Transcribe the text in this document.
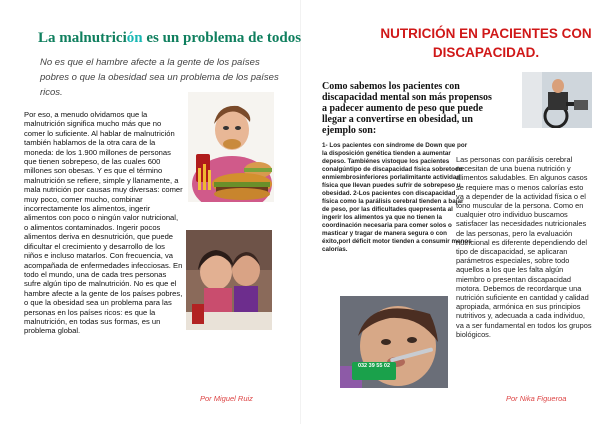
La malnutrición es un problema de todos
No es que el hambre afecte a la gente de los países pobres o que la obesidad sea un problema de los países ricos.
Por eso, a menudo olvidamos que la malnutrición significa mucho más que no comer lo suficiente. Al hablar de malnutrición también hablamos de la otra cara de la moneda: de los 1.900 millones de personas que tienen sobrepeso, de las cuales 600 millones son obesas. Y es que el término malnutrición se refiere, simple y llanamente, a mala nutrición por causas muy diversas: comer muy poco, comer mucho, combinar incorrectamente los alimentos, ingerir alimentos con poco o ningún valor nutricional, o alimentos contaminados. Ingerir pocos alimentos deriva en desnutrición, que puede dificultar el crecimiento y desarrollo de los niños e incluso matarlos. Con frecuencia, va acompañada de enfermedades infecciosas. En todo el mundo, una de cada tres personas sufre algún tipo de malnutrición. No es que el hambre afecte a la gente de los países pobres, o que la obesidad sea un problema para las personas en los países ricos: es que la malnutrición, en todas sus formas, es un problema global.
Por Miguel Ruiz
NUTRICIÓN EN PACIENTES CON DISCAPACIDAD.
Como sabemos los pacientes con discapacidad mental son más propensos a padecer aumento de peso que puede llegar a convertirse en obesidad, un ejemplo son:
1- Los pacientes con síndrome de Down que por la disposición genética tienden a aumentar depeso. Tambiénes vistoque los pacientes conalgúntipo de discapacidad física sobretodo enmiembrosinferiores porlalimitante actividad física que llevan puedes sufrir de sobrepeso u obesidad. 2-Los pacientes con discapacidad física como la parálisis cerebral tienden a bajar de peso, por las dificultades quepresenta al ingerir los alimentos ya que no tienen la coordinación necesaria para comer solos o masticar y tragar de manera segura o con éxito,porl déficit motor tienden a consumir menos calorías.
032 39 55 02
Las personas con parálisis cerebral necesitan de una buena nutrición y alimentos saludables. En algunos casos se requiere mas o menos calorías esto va a depender de la actividad física o el tono muscular de la persona. Como en cualquier otro individuo buscamos satisfacer las necesidades nutricionales de las personas, pero la evaluación nutricional es diferente dependiendo del tipo de discapacidad, se aplicaran parámetros especiales, sobre todo aquellos a los que les falta algún miembro o presentan discapacidad motora. Debemos de recordarque una nutrición suficiente en cantidad y calidad apropiada, armónica en sus principios nutritivos y, adecuada a cada individuo, va a ser fundamental en todos los grupos biológicos.
Por Nika Figueroa
